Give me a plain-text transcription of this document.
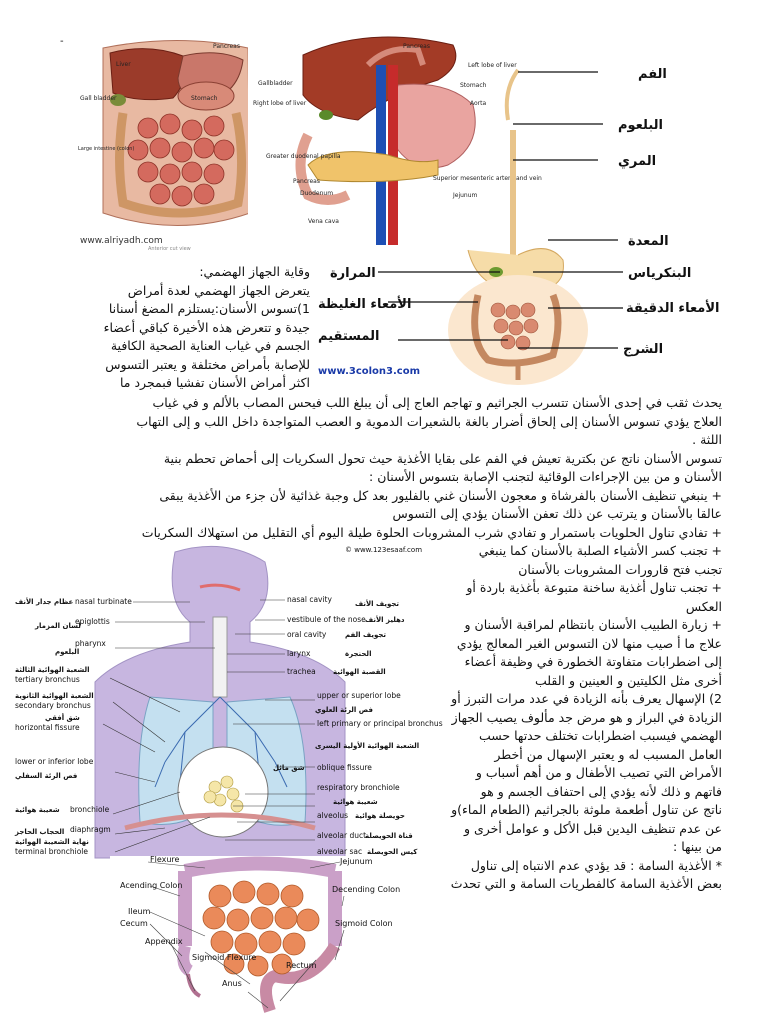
-
Liver
Pancreas
Stomach
Gall bladder
Large intestine (colon)
Anterior cut view
www.alriyadh.com
Gallbladder
Pancreas
Left lobe of liver
Stomach
Right lobe of liver	Aorta
Greater duodenal papilla
Superior mesenteric artery and vein
Pancreas
Jejunum
Duodenum
Vena cava
الفم
البلعوم
المري
المعدة
المرارة	البنكرياس
الأمعاء الغليظة	الأمعاء الدقيقة
المستقيم
الشرج
www.3colon3.com

وقاية الجهاز الهضمي:

يتعرض الجهاز الهضمي لعدة أمراض

1)تسوس الأسنان:يستلزم المضغ أسنانا

جيدة و تتعرض هذه الأخيرة كباقي أعضاء

الجسم في غياب العناية الصحية الكافية

للإصابة بأمراض مختلفة و يعتبر التسوس

اكثر أمراض الأسنان تفشيا فبمجرد ما

يحدث ثقب في إحدى الأسنان تتسرب الجراثيم و تهاجم العاج إلى أن يبلغ اللب فيحس المصاب بالألم و في غياب

العلاج يؤدي تسوس الأسنان إلى إلحاق أضرار بالغة بالشعيرات الدموية و العصب المتواجدة داخل اللب و إلى التهاب

اللثة .

تسوس الأسنان ناتج عن بكترية تعيش في الفم على بقايا الأغذية حيث تحول السكريات إلى أحماض تحطم بنية

الأسنان و من بين الإجراءات الوقائية لتجنب الإصابة بتسوس الأسنان :

+ ينبغي تنظيف الأسنان بالفرشاة و معجون الأسنان غني بالفليور بعد كل وجبة غذائية لأن جزء من الأغذية يبقى

عالقا بالأسنان و يترتب عن ذلك تعفن الأسنان يؤدي إلى التسوس

+ تفادي تناول الحلويات باستمرار و تفادي شرب المشروبات الحلوة طيلة اليوم أي التقليل من استهلاك السكريات

© www.123esaaf.com
عظام جدار الأنف nasal turbinate
لسان المزمار
epiglottis
البلعوم
pharynx
الشعبة الهوائية الثالثة
tertiary bronchus
الشعبة الهوائية الثانوية
secondary bronchus
شق أفقي
horizontal fissure
lower or inferior lobe
فص الرئة السفلي
شعيبة هوائية bronchiole
الحجاب الحاجز diaphragm
نهاية الشعيبة الهوائية
terminal bronchiole
nasal cavity	تجويف الأنف
vestibule of the nose دهليز الأنف
oral cavity	تجويف الفم
larynx	الحنجرة
trachea القصبة الهوائية
upper or superior lobe
فص الرئة العلوي
left primary or principal bronchus
الشعبة الهوائية الأولية اليسرى
oblique fissure
شق مائل
respiratory bronchiole
شعيبة هوائية
alveolus حويصلة هوائية
alveolar duct
قناة الحويصلة
alveolar sac كيس الحويصلة

+ تجنب كسر الأشياء الصلبة بالأسنان كما ينبغي

تجنب فتح قارورات المشروبات بالأسنان

+ تجنب تناول أغذية ساخنة متبوعة بأغذية باردة أو

العكس

+ زيارة الطبيب الأسنان بانتظام لمراقبة الأسنان و

علاج ما أ صيب منها لان التسوس الغير المعالج يؤدي

إلى اضطرابات متفاوتة الخطورة في وظيفة أعضاء

أخرى مثل الكليتين و العينين و القلب

2) الإسهال يعرف بأنه الزيادة في عدد مرات التبرز أو

الزيادة في البراز و هو مرض جد مألوف يصيب الجهاز

الهضمي فيسبب اضطرابات تختلف حدتها حسب

العامل المسبب له و يعتبر الإسهال من أخطر

الأمراض التي تصيب الأطفال و من أهم أسباب و

فاتهم و ذلك لأنه يؤدي إلى احتفاف الجسم و هو

ناتج عن تناول أطعمة ملوثة بالجراثيم (الطعام الماء)و

عن عدم تنظيف اليدين قبل الأكل و عوامل أخرى و

من بينها :

* الأغذية السامة : قد يؤدي عدم الانتباه إلى تناول

بعض الأغذية السامة كالفطريات السامة و التي تحدث

Flexure
Acending Colon
Ileum
Cecum
Appendix
Sigmoid Flexure
Anus
Jejunum
Decending Colon
Sigmoid Colon
Rectum
